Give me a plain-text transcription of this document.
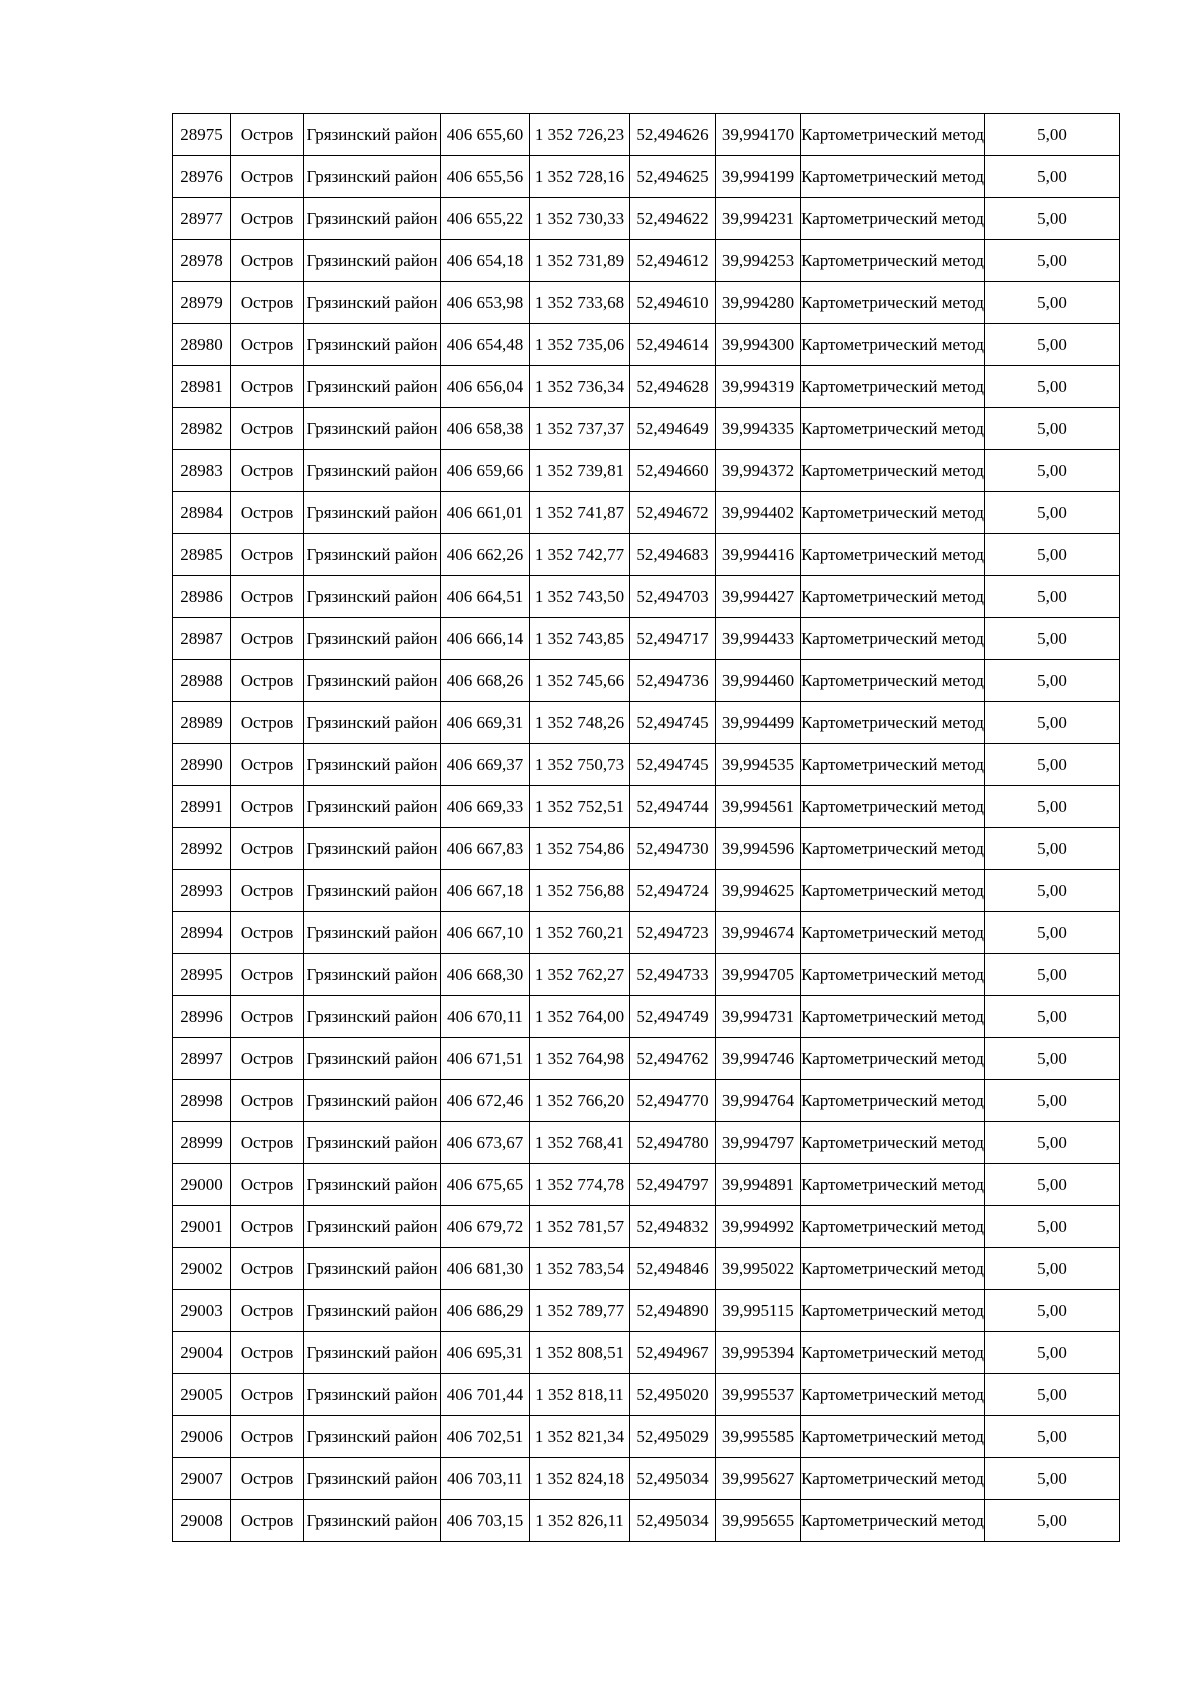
28975	Остров	Грязинский район	406 655,60	1 352 726,23	52,494626	39,994170	Картометрический метод	5,00
28976	Остров	Грязинский район	406 655,56	1 352 728,16	52,494625	39,994199	Картометрический метод	5,00
28977	Остров	Грязинский район	406 655,22	1 352 730,33	52,494622	39,994231	Картометрический метод	5,00
28978	Остров	Грязинский район	406 654,18	1 352 731,89	52,494612	39,994253	Картометрический метод	5,00
28979	Остров	Грязинский район	406 653,98	1 352 733,68	52,494610	39,994280	Картометрический метод	5,00
28980	Остров	Грязинский район	406 654,48	1 352 735,06	52,494614	39,994300	Картометрический метод	5,00
28981	Остров	Грязинский район	406 656,04	1 352 736,34	52,494628	39,994319	Картометрический метод	5,00
28982	Остров	Грязинский район	406 658,38	1 352 737,37	52,494649	39,994335	Картометрический метод	5,00
28983	Остров	Грязинский район	406 659,66	1 352 739,81	52,494660	39,994372	Картометрический метод	5,00
28984	Остров	Грязинский район	406 661,01	1 352 741,87	52,494672	39,994402	Картометрический метод	5,00
28985	Остров	Грязинский район	406 662,26	1 352 742,77	52,494683	39,994416	Картометрический метод	5,00
28986	Остров	Грязинский район	406 664,51	1 352 743,50	52,494703	39,994427	Картометрический метод	5,00
28987	Остров	Грязинский район	406 666,14	1 352 743,85	52,494717	39,994433	Картометрический метод	5,00
28988	Остров	Грязинский район	406 668,26	1 352 745,66	52,494736	39,994460	Картометрический метод	5,00
28989	Остров	Грязинский район	406 669,31	1 352 748,26	52,494745	39,994499	Картометрический метод	5,00
28990	Остров	Грязинский район	406 669,37	1 352 750,73	52,494745	39,994535	Картометрический метод	5,00
28991	Остров	Грязинский район	406 669,33	1 352 752,51	52,494744	39,994561	Картометрический метод	5,00
28992	Остров	Грязинский район	406 667,83	1 352 754,86	52,494730	39,994596	Картометрический метод	5,00
28993	Остров	Грязинский район	406 667,18	1 352 756,88	52,494724	39,994625	Картометрический метод	5,00
28994	Остров	Грязинский район	406 667,10	1 352 760,21	52,494723	39,994674	Картометрический метод	5,00
28995	Остров	Грязинский район	406 668,30	1 352 762,27	52,494733	39,994705	Картометрический метод	5,00
28996	Остров	Грязинский район	406 670,11	1 352 764,00	52,494749	39,994731	Картометрический метод	5,00
28997	Остров	Грязинский район	406 671,51	1 352 764,98	52,494762	39,994746	Картометрический метод	5,00
28998	Остров	Грязинский район	406 672,46	1 352 766,20	52,494770	39,994764	Картометрический метод	5,00
28999	Остров	Грязинский район	406 673,67	1 352 768,41	52,494780	39,994797	Картометрический метод	5,00
29000	Остров	Грязинский район	406 675,65	1 352 774,78	52,494797	39,994891	Картометрический метод	5,00
29001	Остров	Грязинский район	406 679,72	1 352 781,57	52,494832	39,994992	Картометрический метод	5,00
29002	Остров	Грязинский район	406 681,30	1 352 783,54	52,494846	39,995022	Картометрический метод	5,00
29003	Остров	Грязинский район	406 686,29	1 352 789,77	52,494890	39,995115	Картометрический метод	5,00
29004	Остров	Грязинский район	406 695,31	1 352 808,51	52,494967	39,995394	Картометрический метод	5,00
29005	Остров	Грязинский район	406 701,44	1 352 818,11	52,495020	39,995537	Картометрический метод	5,00
29006	Остров	Грязинский район	406 702,51	1 352 821,34	52,495029	39,995585	Картометрический метод	5,00
29007	Остров	Грязинский район	406 703,11	1 352 824,18	52,495034	39,995627	Картометрический метод	5,00
29008	Остров	Грязинский район	406 703,15	1 352 826,11	52,495034	39,995655	Картометрический метод	5,00
